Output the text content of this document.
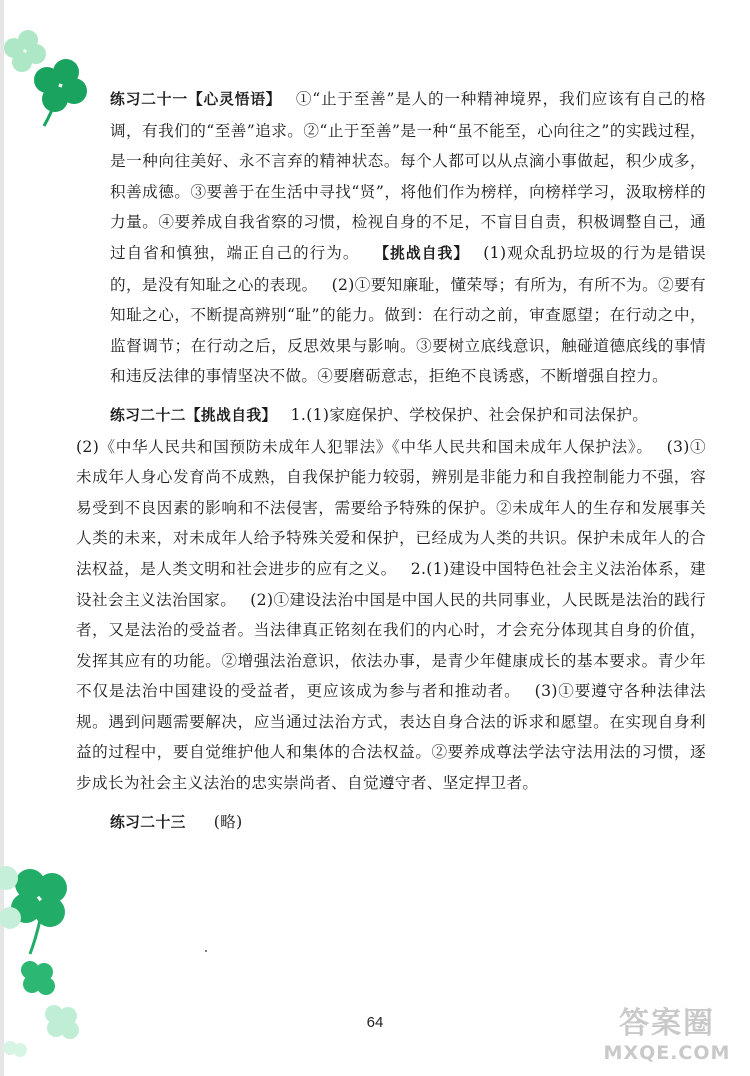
练习二十一【心灵悟语】 ①“止于至善”是人的一种精神境界，我们应该有自己的格调，有我们的“至善”追求。②“止于至善”是一种“虽不能至，心向往之”的实践过程，是一种向往美好、永不言弃的精神状态。每个人都可以从点滴小事做起，积少成多，积善成德。③要善于在生活中寻找“贤”，将他们作为榜样，向榜样学习，汲取榜样的力量。④要养成自我省察的习惯，检视自身的不足，不盲目自责，积极调整自己，通过自省和慎独，端正自己的行为。 【挑战自我】 (1)观众乱扔垃圾的行为是错误的，是没有知耻之心的表现。 (2)①要知廉耻，懂荣辱；有所为，有所不为。②要有知耻之心，不断提高辨别“耻”的能力。做到：在行动之前，审查愿望；在行动之中，监督调节；在行动之后，反思效果与影响。③要树立底线意识，触碰道德底线的事情和违反法律的事情坚决不做。④要磨砺意志，拒绝不良诱惑，不断增强自控力。

练习二十二【挑战自我】 1.(1)家庭保护、学校保护、社会保护和司法保护。

(2)《中华人民共和国预防未成年人犯罪法》《中华人民共和国未成年人保护法》。 (3)①未成年人身心发育尚不成熟，自我保护能力较弱，辨别是非能力和自我控制能力不强，容易受到不良因素的影响和不法侵害，需要给予特殊的保护。②未成年人的生存和发展事关人类的未来，对未成年人给予特殊关爱和保护，已经成为人类的共识。保护未成年人的合法权益，是人类文明和社会进步的应有之义。 2.(1)建设中国特色社会主义法治体系，建设社会主义法治国家。 (2)①建设法治中国是中国人民的共同事业，人民既是法治的践行者，又是法治的受益者。当法律真正铭刻在我们的内心时，才会充分体现其自身的价值，发挥其应有的功能。②增强法治意识，依法办事，是青少年健康成长的基本要求。青少年不仅是法治中国建设的受益者，更应该成为参与者和推动者。 (3)①要遵守各种法律法规。遇到问题需要解决，应当通过法治方式，表达自身合法的诉求和愿望。在实现自身利益的过程中，要自觉维护他人和集体的合法权益。②要养成尊法学法守法用法的习惯，逐步成长为社会主义法治的忠实崇尚者、自觉遵守者、坚定捍卫者。

练习二十三 (略)

64	答案圈
MXQE.COM
